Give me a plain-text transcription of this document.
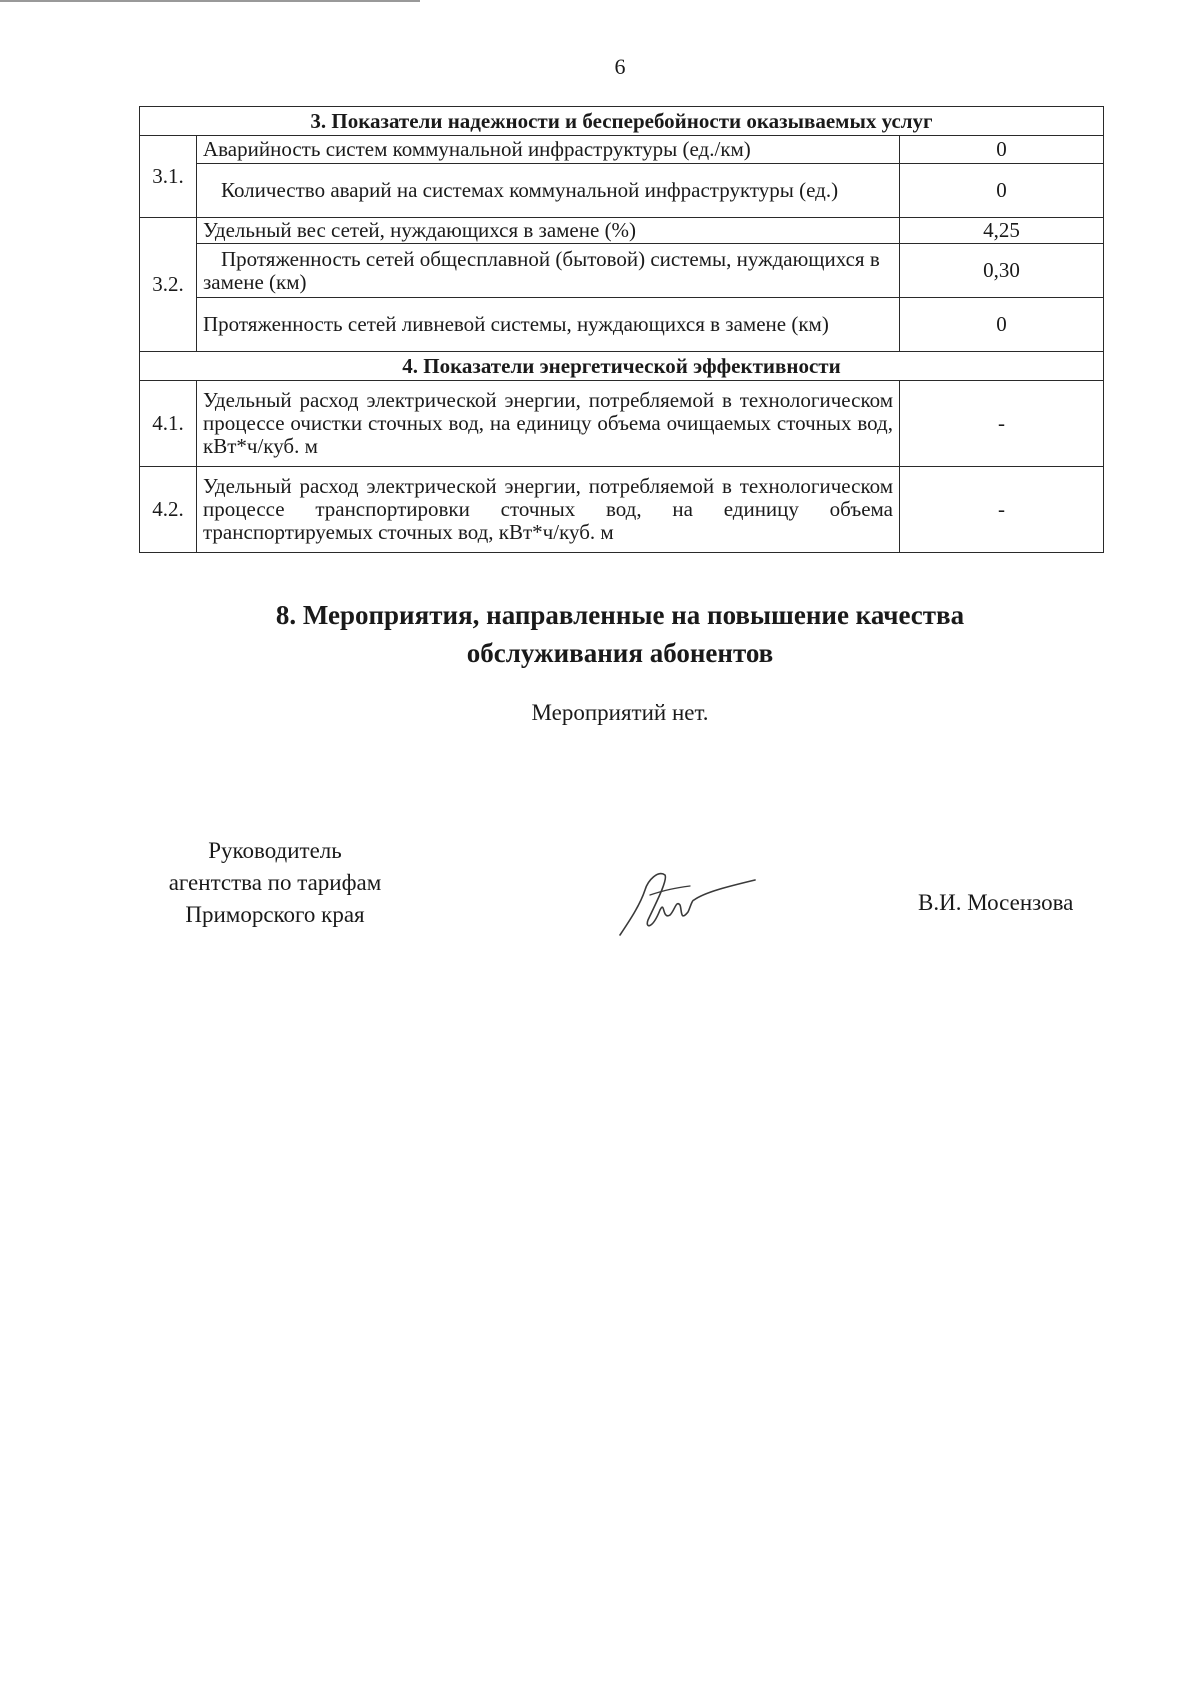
6
3. Показатели надежности и бесперебойности оказываемых услуг		
3.1.	Аварийность систем коммунальной инфраструктуры (ед./км)	0
	Количество аварий на системах коммунальной инфраструктуры (ед.)	0
3.2.	Удельный вес сетей, нуждающихся в замене (%)	4,25
	Протяженность сетей общесплавной (бытовой) системы, нуждающихся в замене (км)	0,30
	Протяженность сетей ливневой системы, нуждающихся в замене (км)	0
4. Показатели энергетической эффективности		
4.1.	Удельный расход электрической энергии, потребляемой в технологическом процессе очистки сточных вод, на единицу объема очищаемых сточных вод, кВт*ч/куб. м	-
4.2.	Удельный расход электрической энергии, потребляемой в технологическом процессе транспортировки сточных вод, на единицу объема транспортируемых сточных вод, кВт*ч/куб. м	-
8. Мероприятия, направленные на повышение качества
обслуживания абонентов
Мероприятий нет.
Руководитель
агентства по тарифам
Приморского края	В.И. Мосензова
